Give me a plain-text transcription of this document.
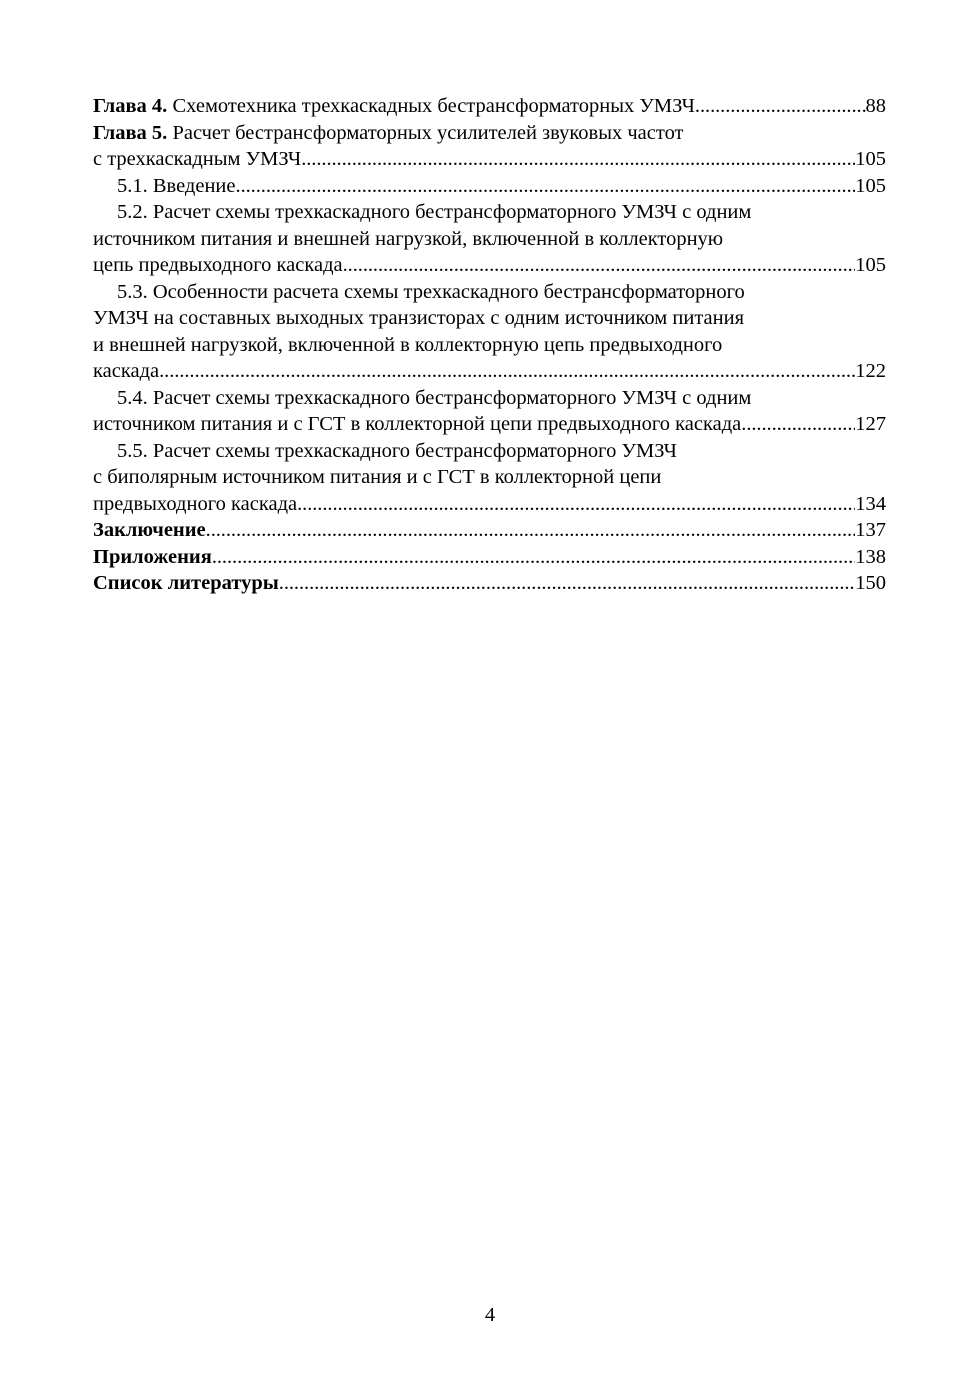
Глава 4. Схемотехника трехкаскадных бестрансформаторных УМЗЧ . . .	88
Глава 5. Расчет бестрансформаторных усилителей звуковых частот
с трехкаскадным УМЗЧ . . .	105
5.1. Введение . . .	105
5.2. Расчет схемы трехкаскадного бестрансформаторного УМЗЧ с одним
источником питания и внешней нагрузкой, включенной в коллекторную
цепь предвыходного каскада . . .	105
5.3. Особенности расчета схемы трехкаскадного бестрансформаторного
УМЗЧ на составных выходных транзисторах с одним источником питания
и внешней нагрузкой, включенной в коллекторную цепь предвыходного
каскада . . .	122
5.4. Расчет схемы трехкаскадного бестрансформаторного УМЗЧ с одним
источником питания и с ГСТ в коллекторной цепи предвыходного каскада . . .	127
5.5. Расчет схемы трехкаскадного бестрансформаторного УМЗЧ
с биполярным источником питания и с ГСТ в коллекторной цепи
предвыходного каскада . . .	134
Заключение . . .	137
Приложения . . .	138
Список литературы . . .	150
4
